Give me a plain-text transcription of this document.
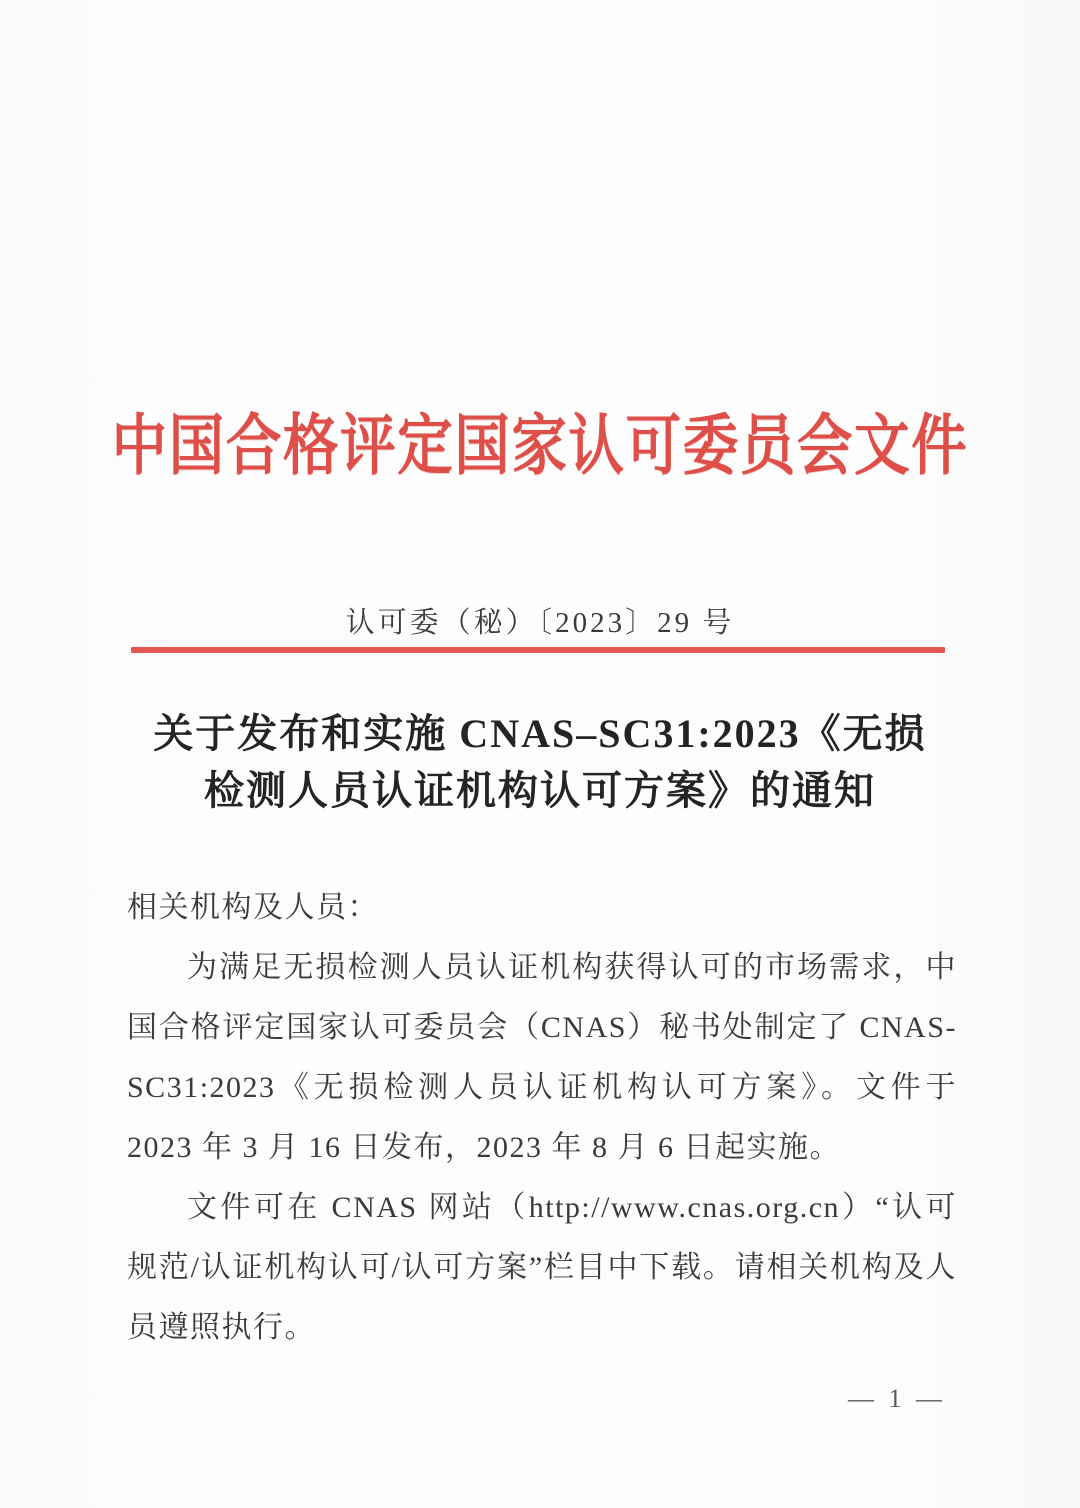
中国合格评定国家认可委员会文件
认可委（秘）〔2023〕29 号
关于发布和实施 CNAS–SC31:2023《无损
检测人员认证机构认可方案》的通知

相关机构及人员：

为满足无损检测人员认证机构获得认可的市场需求，中国合格评定国家认可委员会（CNAS）秘书处制定了 CNAS-SC31:2023《无损检测人员认证机构认可方案》。文件于 2023 年 3 月 16 日发布，2023 年 8 月 6 日起实施。

文件可在 CNAS 网站（http://www.cnas.org.cn）“认可规范/认证机构认可/认可方案”栏目中下载。请相关机构及人员遵照执行。

— 1 —
